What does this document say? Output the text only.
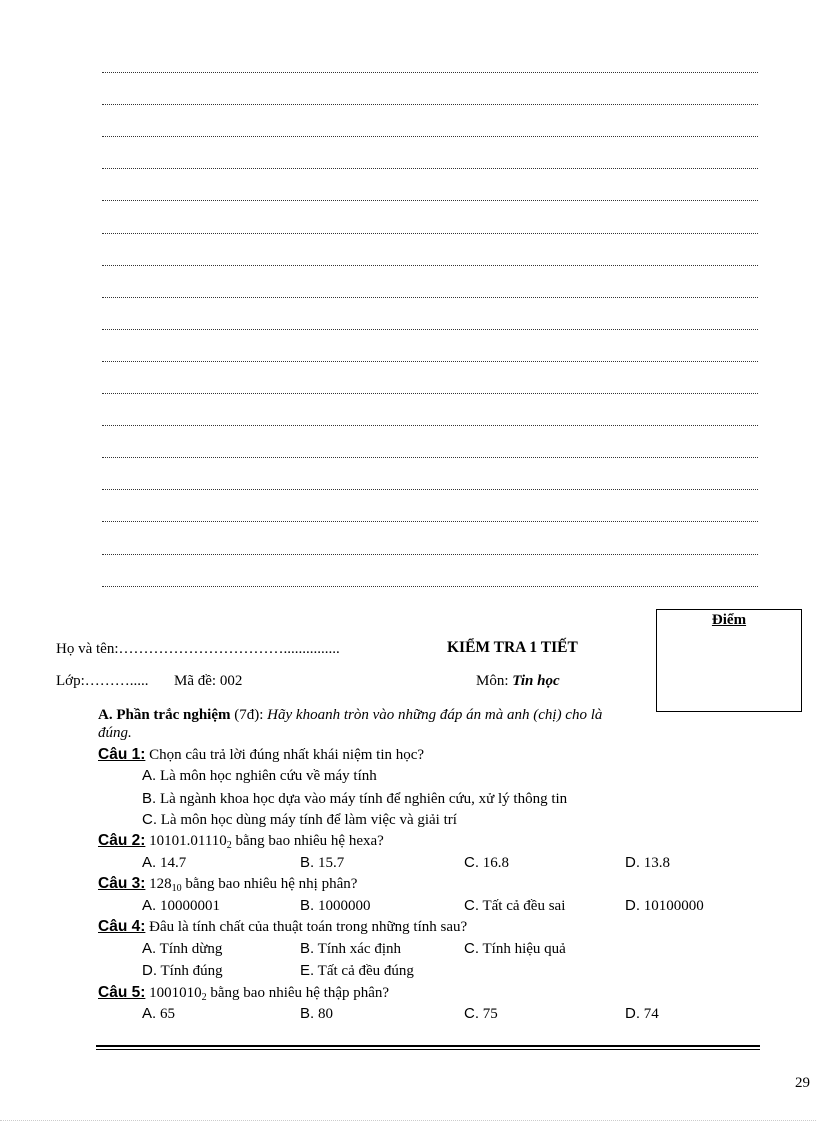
Họ và tên:……………………………...............	KIỂM TRA 1 TIẾT
Lớp:………..... Mã đề: 002	Môn: Tin học
A. Phần trắc nghiệm (7đ): Hãy khoanh tròn vào những đáp án mà anh (chị) cho là
đúng.
Điểm
Câu 1: Chọn câu trả lời đúng nhất khái niệm tin học?
A. Là môn học nghiên cứu về máy tính
B. Là ngành khoa học dựa vào máy tính để nghiên cứu, xử lý thông tin
C. Là môn học dùng máy tính để làm việc và giải trí
Câu 2: $10101.01110_2$ bằng bao nhiêu hệ hexa?
A. 14.7	B. 15.7	C. 16.8	D. 13.8
Câu 3: $128_{10}$ bằng bao nhiêu hệ nhị phân?
A. 10000001	B. 1000000	C. Tất cả đều sai	D. 10100000
Câu 4: Đâu là tính chất của thuật toán trong những tính sau?
A. Tính dừng	B. Tính xác định	C. Tính hiệu quả
D. Tính đúng	E. Tất cả đều đúng
Câu 5: $1001010_2$ bằng bao nhiêu hệ thập phân?
A. 65	B. 80	C. 75	D. 74
29
